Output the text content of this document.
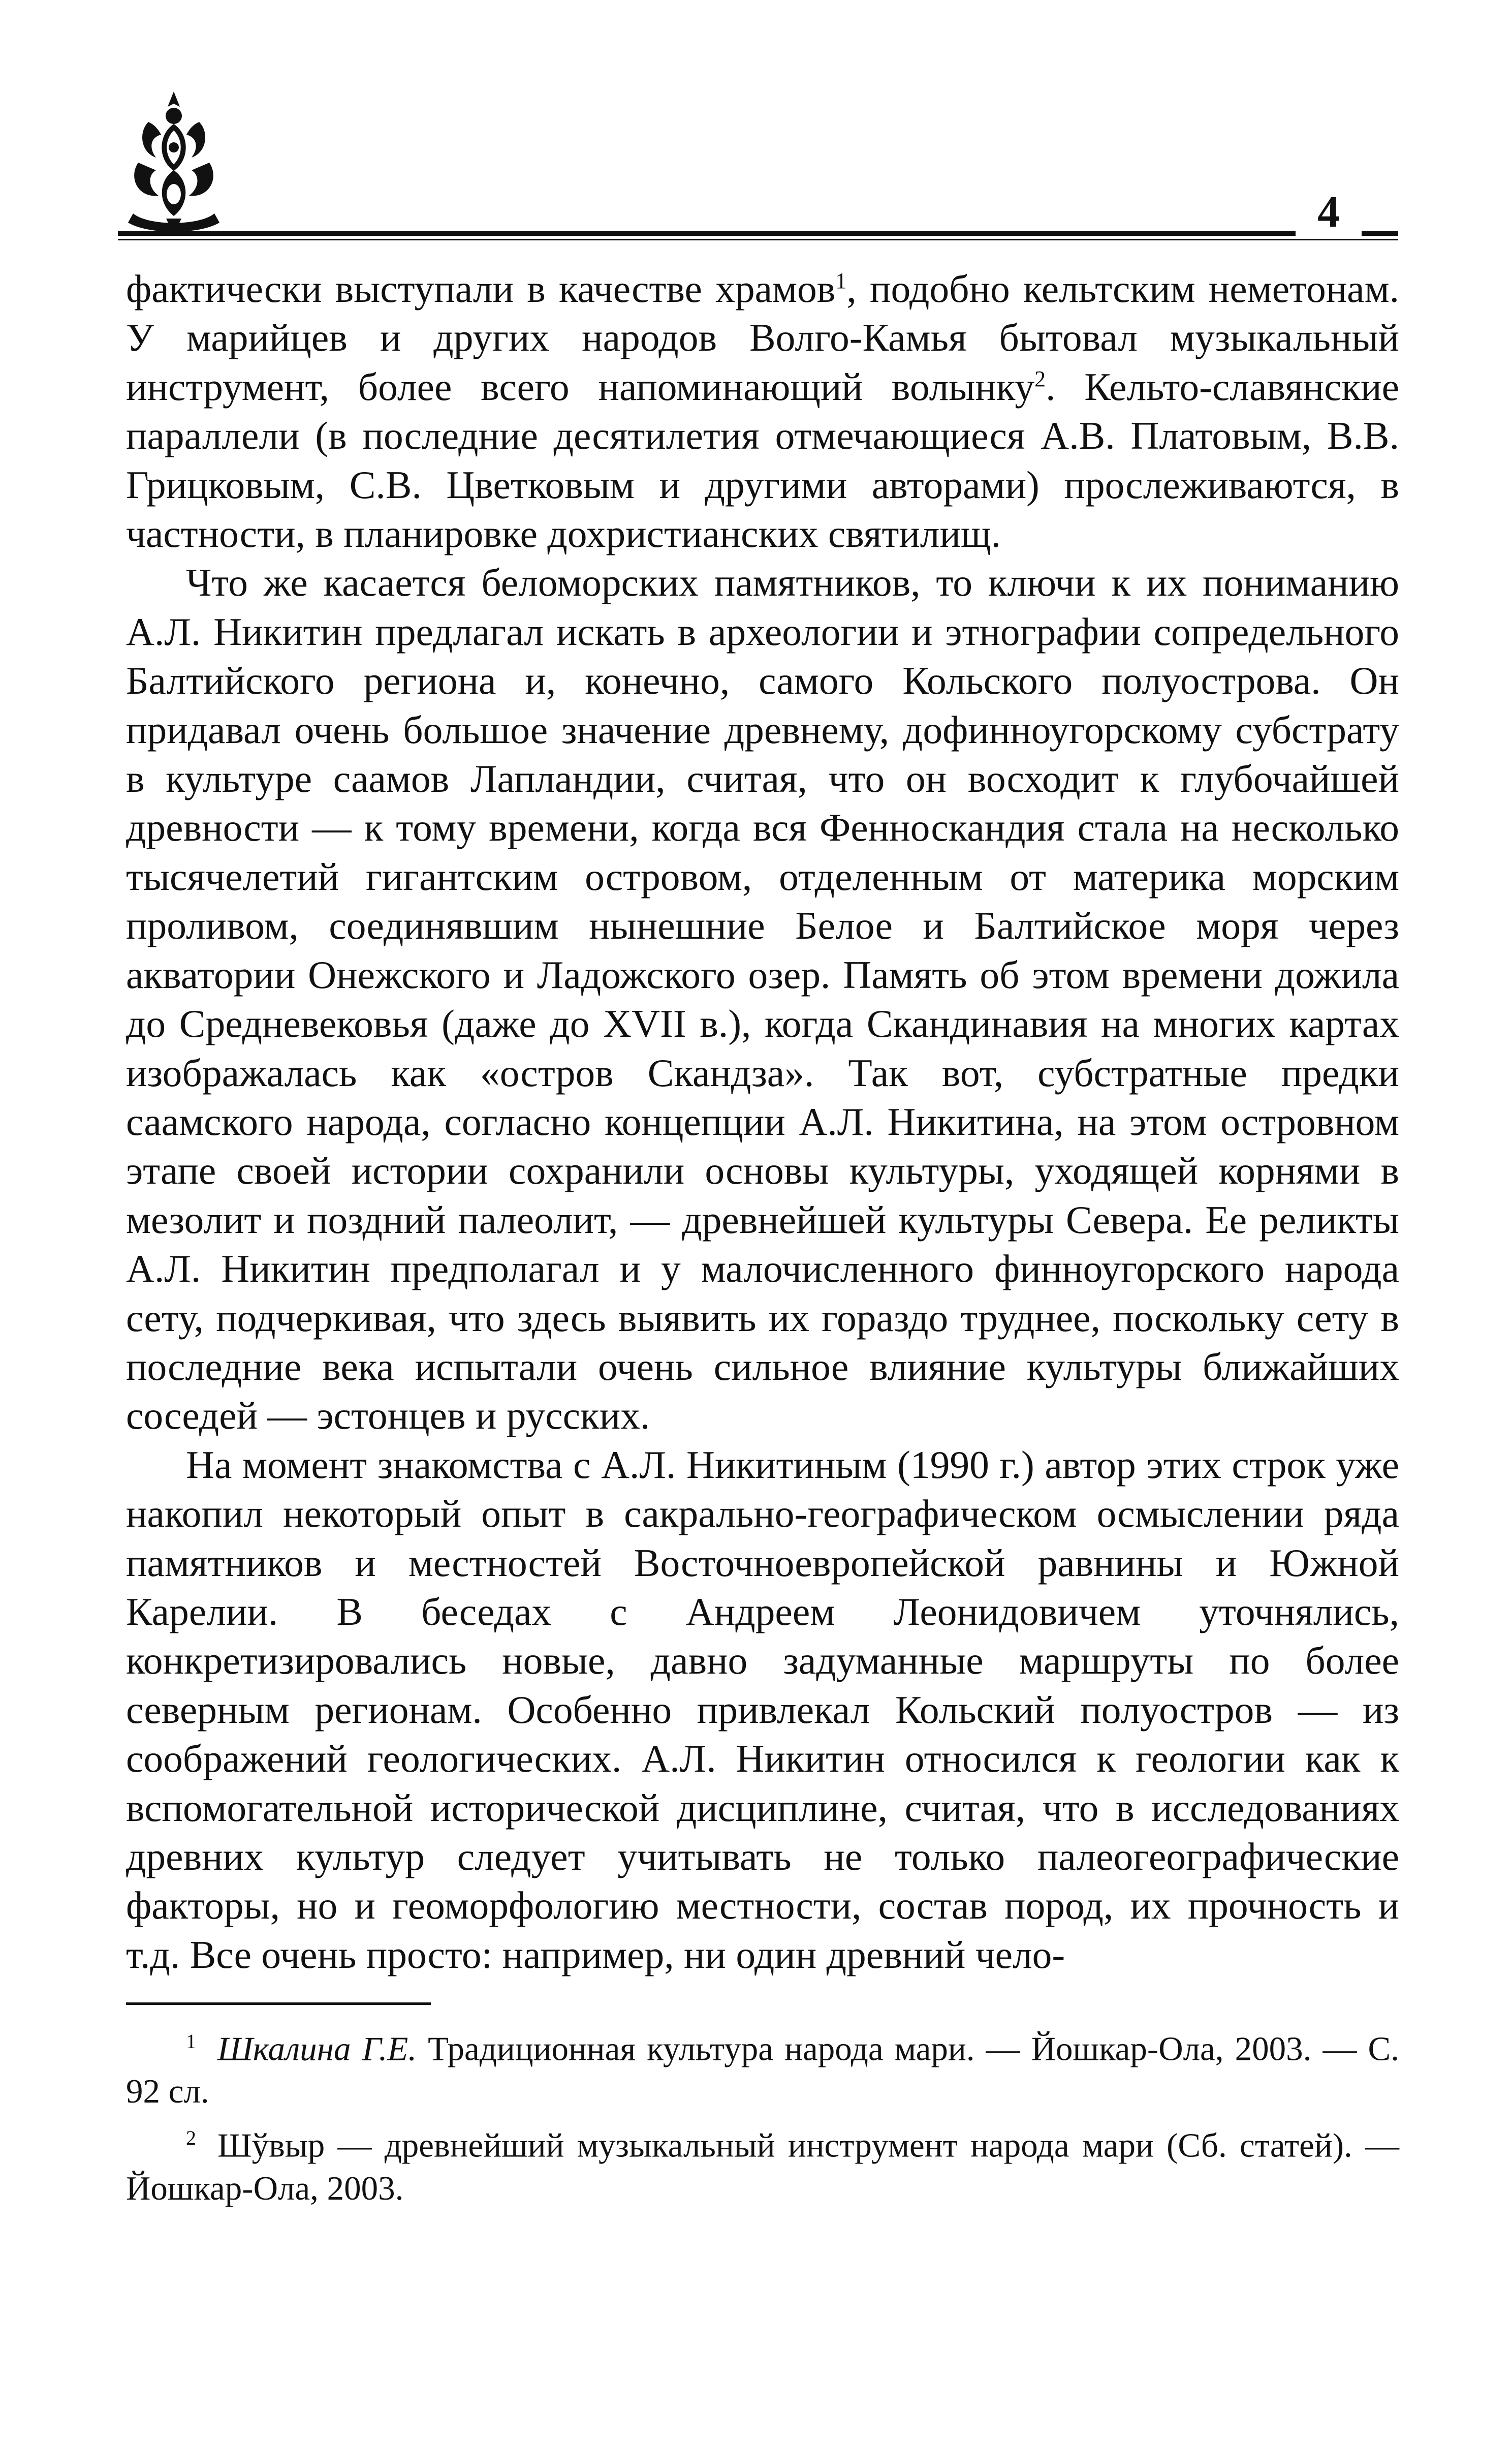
4

фактически выступали в качестве храмов$^1$, подобно кельтским неметонам. У марийцев и других народов Волго-Камья бытовал музыкальный инструмент, более всего напоминающий волынку$^2$. Кельто-славянские параллели (в последние десятилетия отмечающиеся А.В. Платовым, В.В. Грицковым, С.В. Цветковым и другими авторами) прослеживаются, в частности, в планировке дохристианских святилищ.

Что же касается беломорских памятников, то ключи к их пониманию А.Л. Никитин предлагал искать в археологии и этнографии сопредельного Балтийского региона и, конечно, самого Кольского полуострова. Он придавал очень большое значение древнему, дофинноугорскому субстрату в культуре саамов Лапландии, считая, что он восходит к глубочайшей древности — к тому времени, когда вся Фенноскандия стала на несколько тысячелетий гигантским островом, отделенным от материка морским проливом, соединявшим нынешние Белое и Балтийское моря через акватории Онежского и Ладожского озер. Память об этом времени дожила до Средневековья (даже до XVII в.), когда Скандинавия на многих картах изображалась как «остров Скандза». Так вот, субстратные предки саамского народа, согласно концепции А.Л. Никитина, на этом островном этапе своей истории сохранили основы культуры, уходящей корнями в мезолит и поздний палеолит, — древнейшей культуры Севера. Ее реликты А.Л. Никитин предполагал и у малочисленного финноугорского народа сету, подчеркивая, что здесь выявить их гораздо труднее, поскольку сету в последние века испытали очень сильное влияние культуры ближайших соседей — эстонцев и русских.

На момент знакомства с А.Л. Никитиным (1990 г.) автор этих строк уже накопил некоторый опыт в сакрально-географическом осмыслении ряда памятников и местностей Восточноевропейской равнины и Южной Карелии. В беседах с Андреем Леонидовичем уточнялись, конкретизировались новые, давно задуманные маршруты по более северным регионам. Особенно привлекал Кольский полуостров — из соображений геологических. А.Л. Никитин относился к геологии как к вспомогательной исторической дисциплине, считая, что в исследованиях древних культур следует учитывать не только палеогеографические факторы, но и геоморфологию местности, состав пород, их прочность и т.д. Все очень просто: например, ни один древний чело-

$^1$ Шкалина Г.Е. Традиционная культура народа мари. — Йошкар-Ола, 2003. — С. 92 сл.

$^2$ Шўвыр — древнейший музыкальный инструмент народа мари (Сб. статей). — Йошкар-Ола, 2003.
